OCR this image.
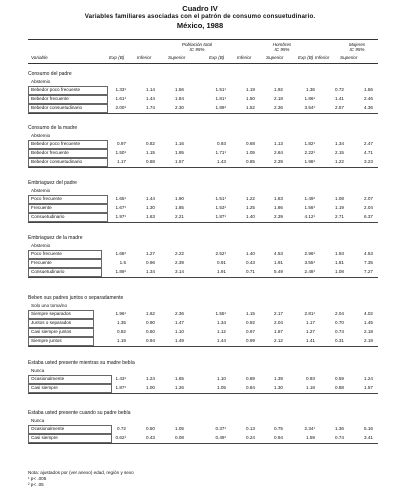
Cuadro IV
Variables familiares asociadas con el patrón de consumo consuetudinario.
México, 1988
Variable
Población total
IC 95%
Hombres
IC 95%
Mujeres
IC 95%
Exp (B)	Inferior	Superior	Exp (B)	Inferior	Superior	Exp (B) Inferior Superior
Consumo del padre
Abstemio
Bebedor poco frecuente	1.33¹	1.14	1.56	1.51¹	1.19	1.92	1.36	0.72	1.56
Bebedor frecuente	1.61¹	1.44	1.84	1.81¹	1.50	2.18	1.86¹	1.41	2.46
Bebedor consuetudinario	2.00¹	1.74	2.30	1.89¹	1.52	2.36	3.54¹	2.57	4.36
Consumo de la madre
Abstemio
Bebedor poco frecuente	0.97	0.82	1.16	0.93	0.68	1.13	1.82¹	1.34	2.47
Bebedor frecuente	1.50¹	1.15	1.95	1.71¹	1.05	2.84	2.22¹	2.15	4.71
Bebedor consuetudinario	1.17	0.88	1.57	1.43	0.85	2.39	1.98¹	1.22	3.23
Embriaguez del padre
Abstemio
Poco frecuente	1.65¹	1.44	1.90	1.51¹	1.22	1.83	1.49¹	1.08	2.07
Frecuente	1.67¹	1.30	1.85	1.53¹	1.25	1.86	1.56¹	1.19	2.04
Consuetudinario	1.97¹	1.63	2.21	1.87¹	1.40	2.39	4.12¹	2.71	6.37
Embriaguez de la madre
Abstemio
Poco frecuente	1.68¹	1.27	2.22	2.52¹	1.40	4.53	2.96¹	1.93	4.53
Frecuente	1.5	0.96	2.39	0.91	0.43	1.91	3.55¹	1.81	7.35
Consuetudinario	1.89¹	1.34	3.14	1.91	0.71	5.49	2.48¹	1.08	7.27
Beben sus padres juntos o separadamente
Solo uno toma/no
Siempre separados	1.96¹	1.62	2.36	1.55¹	1.15	2.17	2.81¹	2.04	4.02
Juntos o separados	1.35	0.90	1.47	1.34	0.92	2.04	1.17	0.70	1.45
Casi siempre juntos	0.82	0.60	1.10	1.12	0.67	1.87	1.27	0.74	2.18
Siempre juntos	1.19	0.94	1.49	1.44	0.99	2.12	1.41	0.31	2.19
Estaba usted presente mientras su madre bebía
Nunca
Ocasionalmente	1.43¹	1.24	1.65	1.10	0.89	1.39	0.93	0.59	1.24
Casi siempre	1.87¹	1.00	1.26	1.05	0.84	1.30	1.18	0.88	1.57
Estaba usted presente cuando su padre bebía
Nunca
Ocasionalmente	0.72	0.50	1.05	0.37¹	0.13	0.75	2.34¹	1.36	5.16
Casi siempre	0.62¹	0.43	0.08	0.49¹	0.24	0.94	1.59	0.74	3.41
Nota: ajustados por (ver anexo) edad, región y sexo
¹ p< .005
² p< .05
